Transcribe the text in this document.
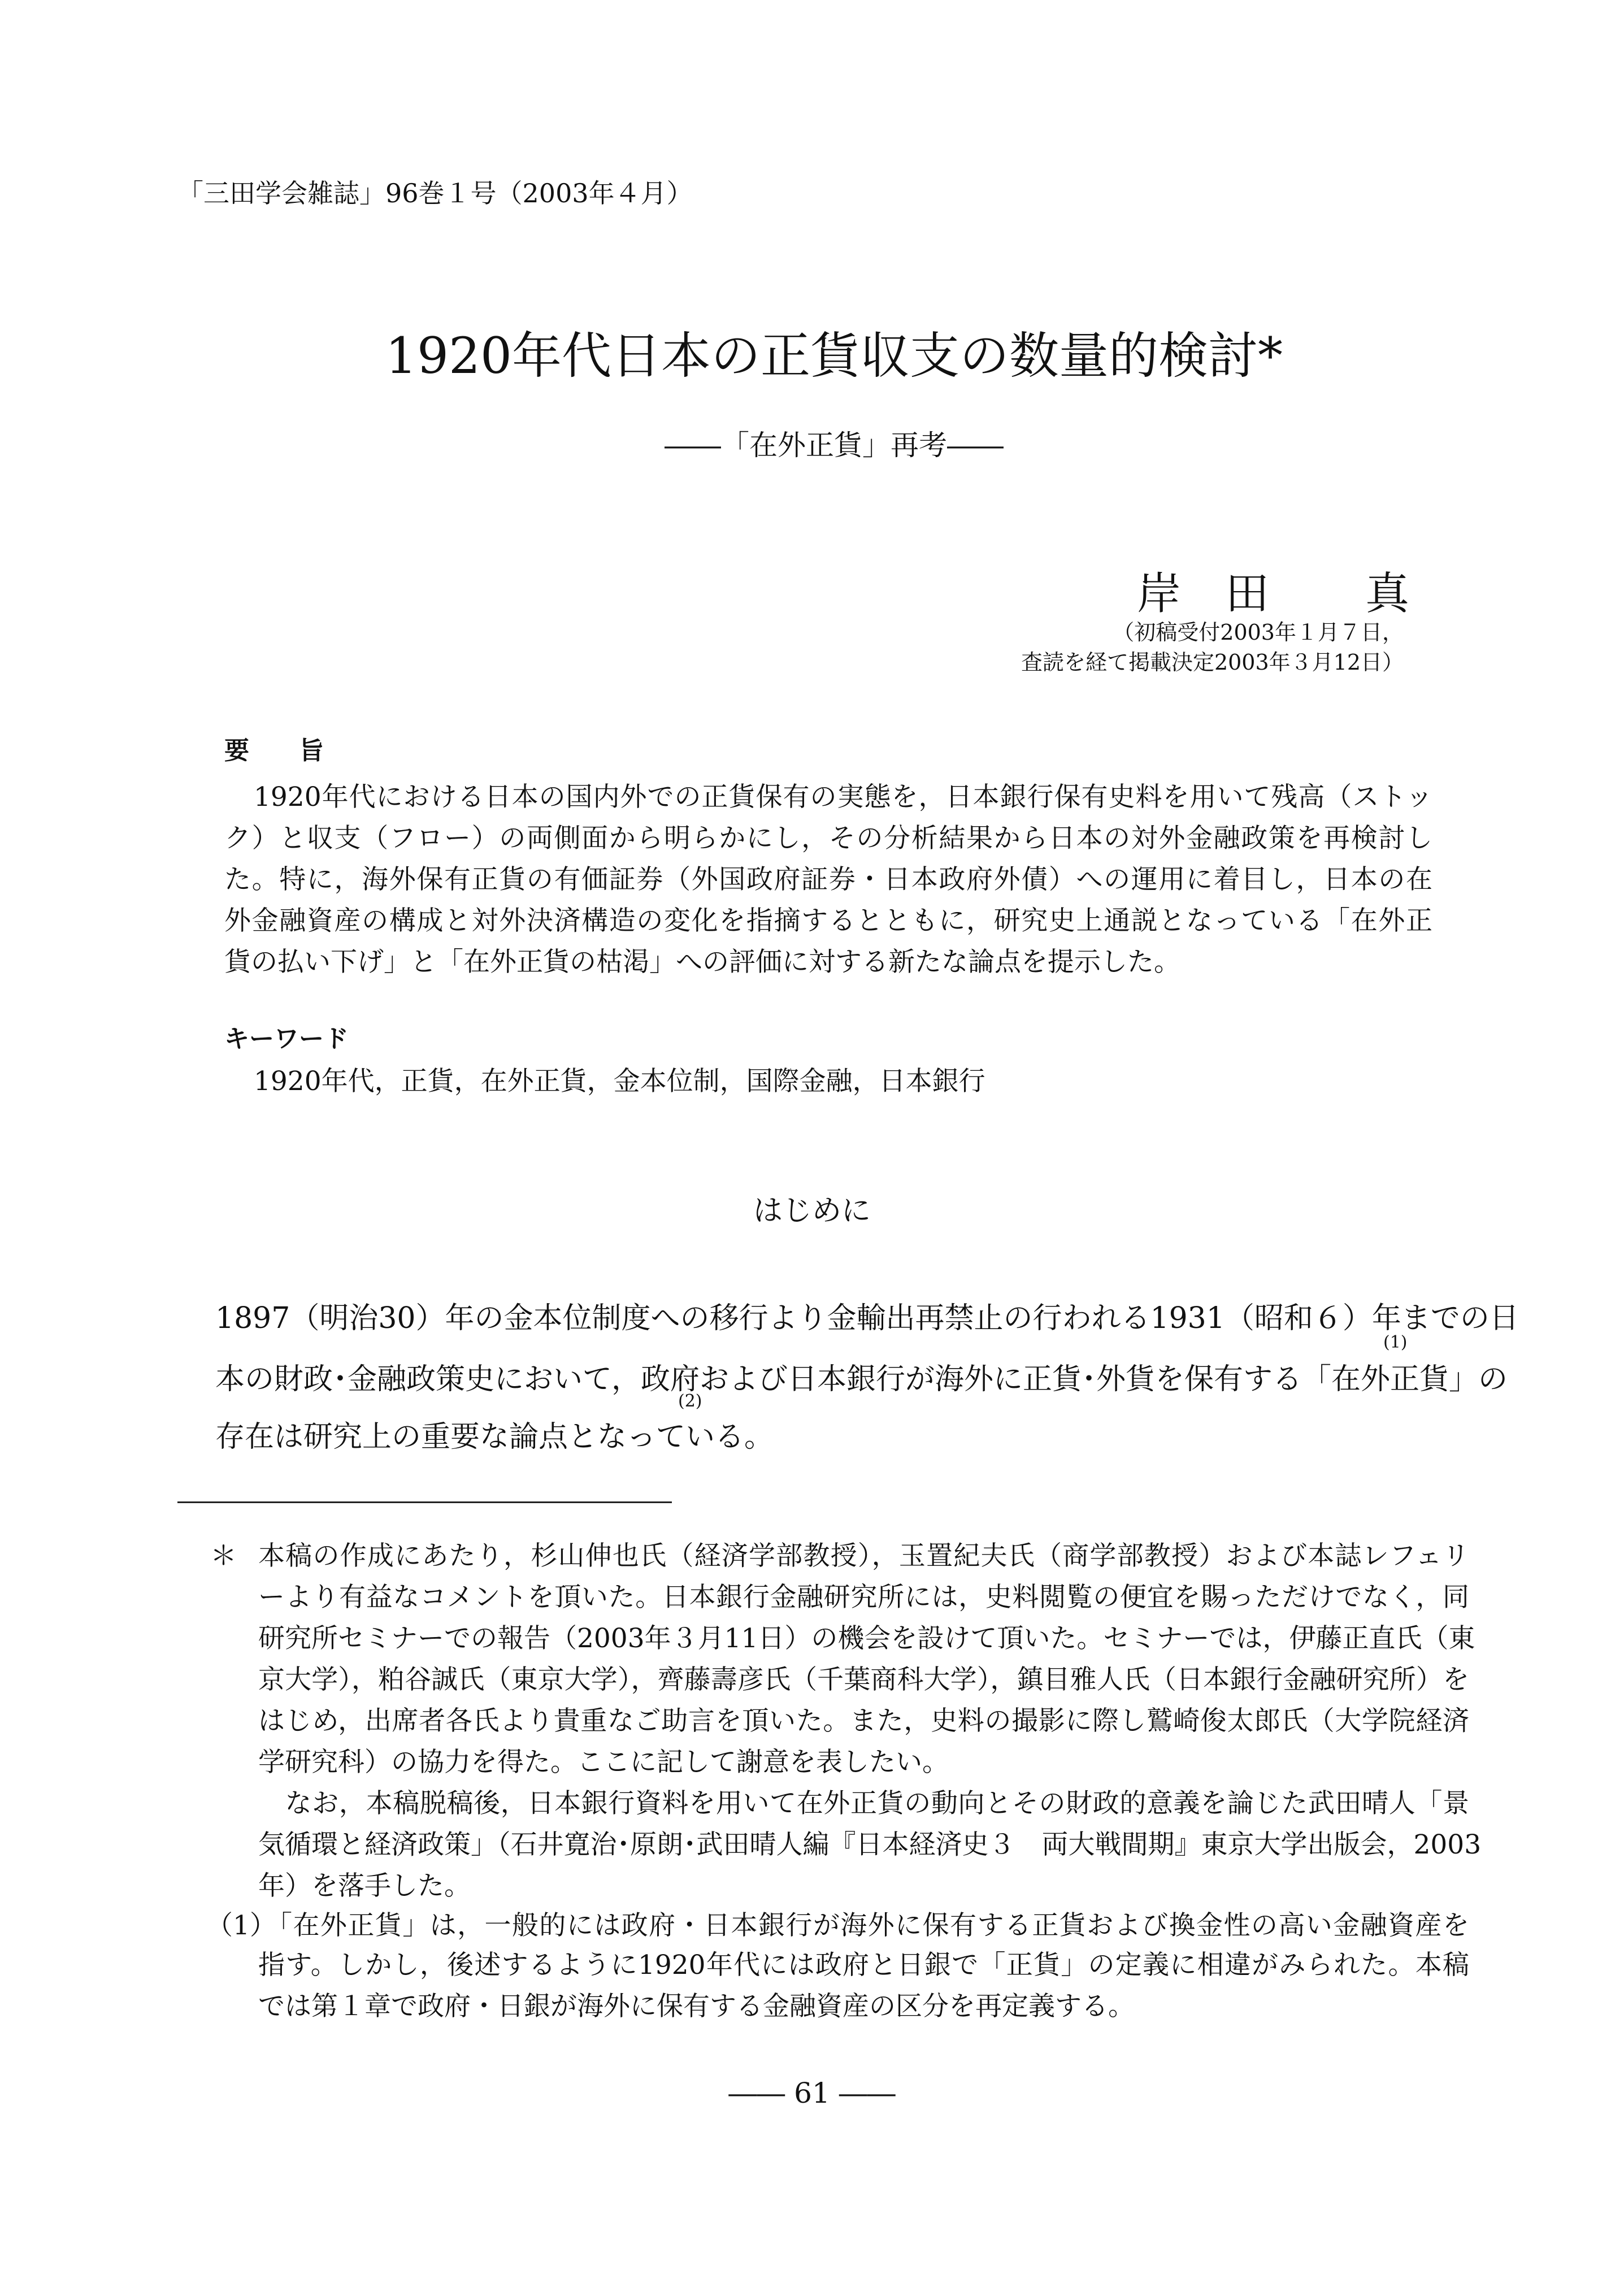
「三田学会雑誌」96巻１号（2003年４月）
1920年代日本の正貨収支の数量的検討*
――「在外正貨」再考――
岸　田 真
（初稿受付2003年１月７日，
査読を経て掲載決定2003年３月12日）
要　　旨
1920年代における日本の国内外での正貨保有の実態を，日本銀行保有史料を用いて残高（ストッ
ク）と収支（フロー）の両側面から明らかにし，その分析結果から日本の対外金融政策を再検討し
た。特に，海外保有正貨の有価証券（外国政府証券・日本政府外債）への運用に着目し，日本の在
外金融資産の構成と対外決済構造の変化を指摘するとともに，研究史上通説となっている「在外正
貨の払い下げ」と「在外正貨の枯渇」への評価に対する新たな論点を提示した。
キーワード
1920年代，正貨，在外正貨，金本位制，国際金融，日本銀行
はじめに
1897（明治30）年の金本位制度への移行より金輸出再禁止の行われる1931（昭和６）年までの日
本の財政･金融政策史において，政府および日本銀行が海外に正貨･外貨を保有する「在外正貨」の
存在は研究上の重要な論点となっている。
(1)
(2)
＊ 本稿の作成にあたり，杉山伸也氏（経済学部教授），玉置紀夫氏（商学部教授）および本誌レフェリ
ーより有益なコメントを頂いた。日本銀行金融研究所には，史料閲覧の便宜を賜っただけでなく，同
研究所セミナーでの報告（2003年３月11日）の機会を設けて頂いた。セミナーでは，伊藤正直氏（東
京大学），粕谷誠氏（東京大学），齊藤壽彦氏（千葉商科大学），鎮目雅人氏（日本銀行金融研究所）を
はじめ，出席者各氏より貴重なご助言を頂いた。また，史料の撮影に際し鷲崎俊太郎氏（大学院経済
学研究科）の協力を得た。ここに記して謝意を表したい。
　なお，本稿脱稿後，日本銀行資料を用いて在外正貨の動向とその財政的意義を論じた武田晴人「景
気循環と経済政策」（石井寛治･原朗･武田晴人編『日本経済史３　両大戦間期』東京大学出版会，2003
年）を落手した。
（1）
「在外正貨」は，一般的には政府・日本銀行が海外に保有する正貨および換金性の高い金融資産を
指す。しかし，後述するように1920年代には政府と日銀で「正貨」の定義に相違がみられた。本稿
では第１章で政府・日銀が海外に保有する金融資産の区分を再定義する。
―― 61 ――
